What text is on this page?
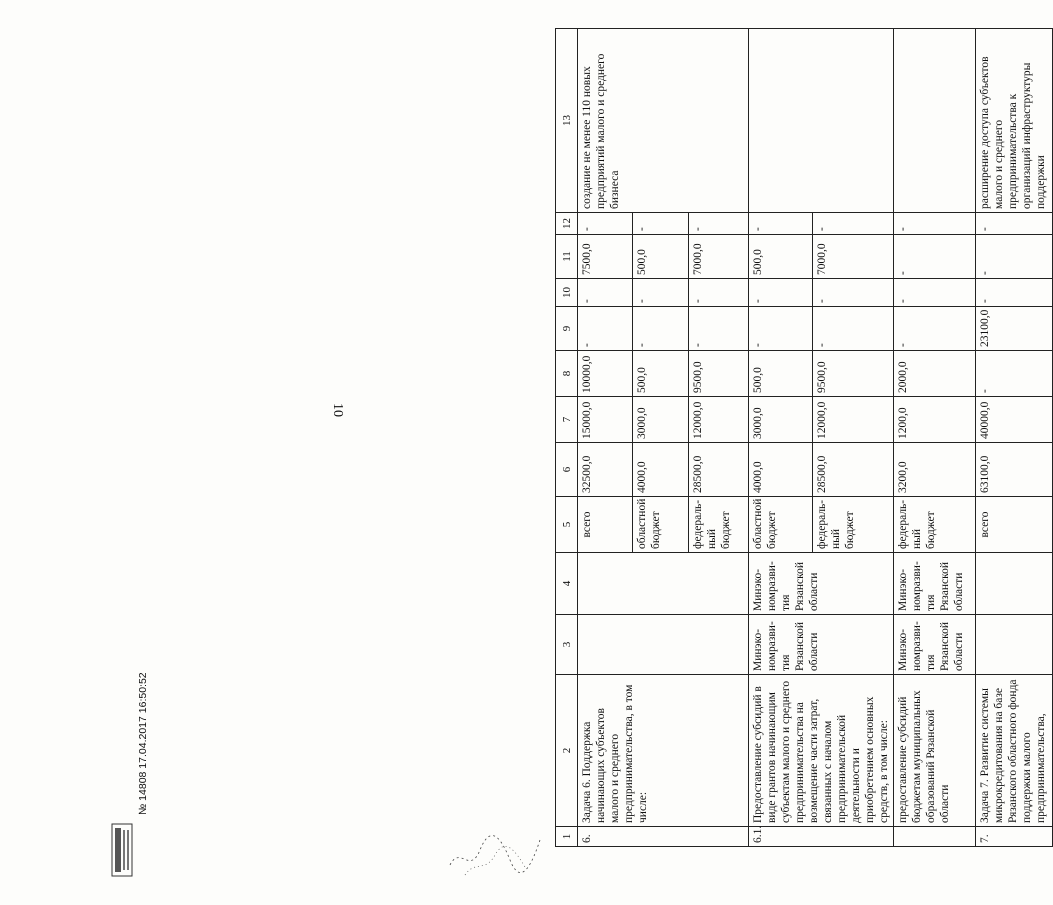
10
1	2	3	4	5	6	7	8	9	10	11	12	13
6.	Задача 6. Поддержка начинающих субъектов малого и среднего предпринимательства, в том числе:			всего	32500,0	15000,0	10000,0	-	-	7500,0	-	создание не менее 110 новых предприятий малого и среднего бизнеса
				областной бюджет	4000,0	3000,0	500,0	-	-	500,0	-	
				федераль-ный бюджет	28500,0	12000,0	9500,0	-	-	7000,0	-	
6.1.	Предоставление субсидий в виде грантов начинающим субъектам малого и среднего предпринимательства на возмещение части затрат, связанных с началом предпринимательской деятельности и приобретением основных средств, в том числе:	Минэко-номразви-тия Рязанской области	Минэко-номразви-тия Рязанской области	областной бюджет	4000,0	3000,0	500,0	-	-	500,0	-	
				федераль-ный бюджет	28500,0	12000,0	9500,0	-	-	7000,0	-	
	предоставление субсидий бюджетам муниципальных образований Рязанской области	Минэко-номразви-тия Рязанской области	Минэко-номразви-тия Рязанской области	федераль-ный бюджет	3200,0	1200,0	2000,0	-	-	-	-	
7.	Задача 7. Развитие системы микрокредитования на базе Рязанского областного фонда поддержки малого предпринимательства,			всего	63100,0	40000,0	-	23100,0	-	-	-	расширение доступа субъектов малого и среднего предпринимательства к организаций инфраструктуры поддержки
№ 14808 17.04.2017 16:50:52
